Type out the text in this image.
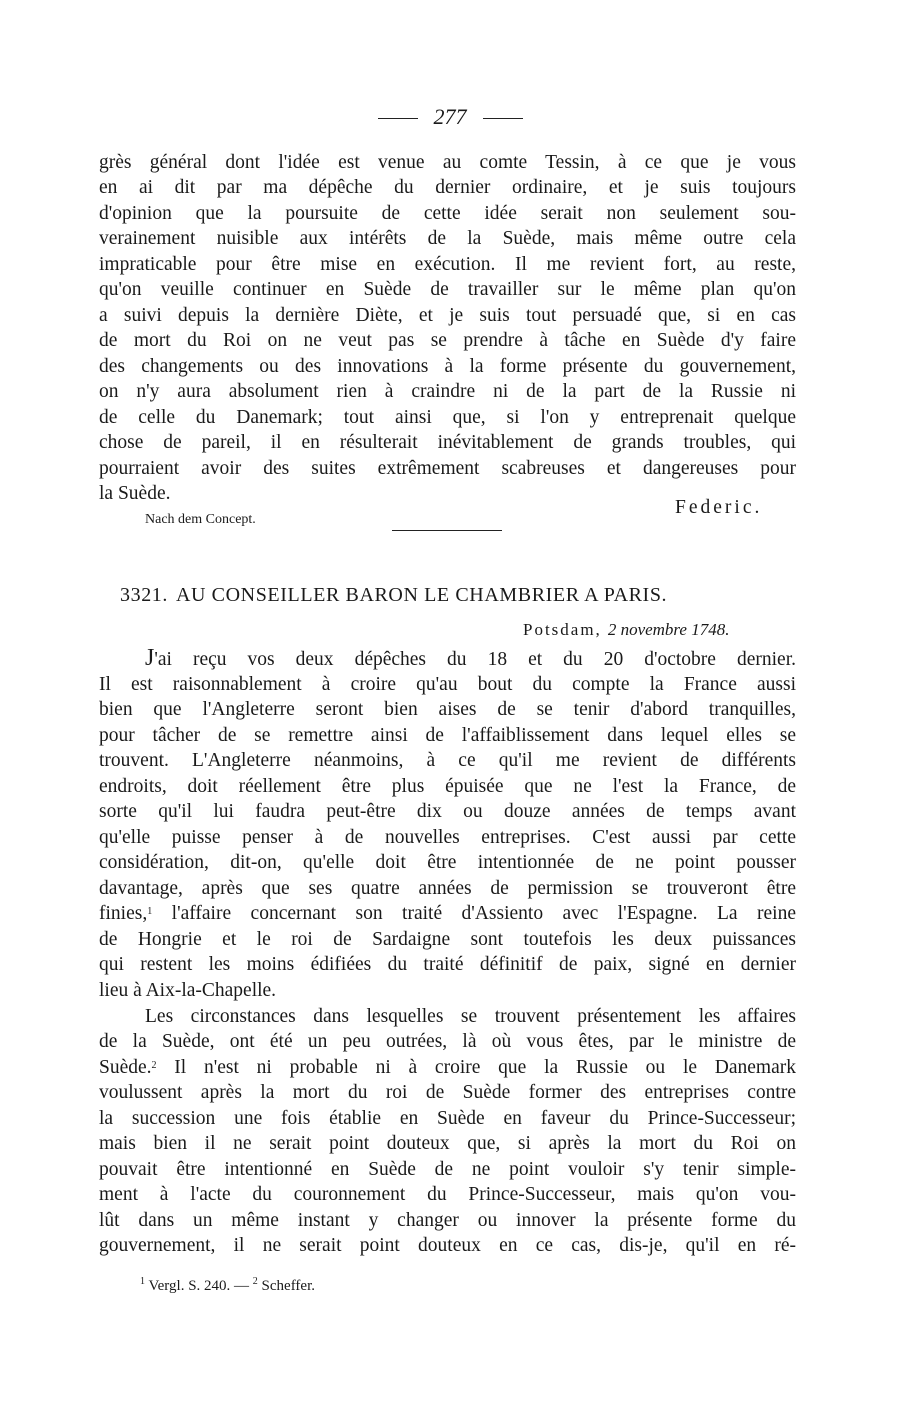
277
grès général dont l'idée est venue au comte Tessin, à ce que je vous
en ai dit par ma dépêche du dernier ordinaire, et je suis toujours
d'opinion que la poursuite de cette idée serait non seulement sou-
verainement nuisible aux intérêts de la Suède, mais même outre cela
impraticable pour être mise en exécution. Il me revient fort, au reste,
qu'on veuille continuer en Suède de travailler sur le même plan qu'on
a suivi depuis la dernière Diète, et je suis tout persuadé que, si en cas
de mort du Roi on ne veut pas se prendre à tâche en Suède d'y faire
des changements ou des innovations à la forme présente du gouvernement,
on n'y aura absolument rien à craindre ni de la part de la Russie ni
de celle du Danemark; tout ainsi que, si l'on y entreprenait quelque
chose de pareil, il en résulterait inévitablement de grands troubles, qui
pourraient avoir des suites extrêmement scabreuses et dangereuses pour
la Suède.
Federic.
Nach dem Concept.
3321. AU CONSEILLER BARON LE CHAMBRIER A PARIS.
Potsdam, 2 novembre 1748.
J'ai reçu vos deux dépêches du 18 et du 20 d'octobre dernier.
Il est raisonnablement à croire qu'au bout du compte la France aussi
bien que l'Angleterre seront bien aises de se tenir d'abord tranquilles,
pour tâcher de se remettre ainsi de l'affaiblissement dans lequel elles se
trouvent. L'Angleterre néanmoins, à ce qu'il me revient de différents
endroits, doit réellement être plus épuisée que ne l'est la France, de
sorte qu'il lui faudra peut-être dix ou douze années de temps avant
qu'elle puisse penser à de nouvelles entreprises. C'est aussi par cette
considération, dit-on, qu'elle doit être intentionnée de ne point pousser
davantage, après que ses quatre années de permission se trouveront être
finies,$^1$ l'affaire concernant son traité d'Assiento avec l'Espagne. La reine
de Hongrie et le roi de Sardaigne sont toutefois les deux puissances
qui restent les moins édifiées du traité définitif de paix, signé en dernier
lieu à Aix-la-Chapelle.
Les circonstances dans lesquelles se trouvent présentement les affaires
de la Suède, ont été un peu outrées, là où vous êtes, par le ministre de
Suède.$^2$ Il n'est ni probable ni à croire que la Russie ou le Danemark
voulussent après la mort du roi de Suède former des entreprises contre
la succession une fois établie en Suède en faveur du Prince-Successeur;
mais bien il ne serait point douteux que, si après la mort du Roi on
pouvait être intentionné en Suède de ne point vouloir s'y tenir simple-
ment à l'acte du couronnement du Prince-Successeur, mais qu'on vou-
lût dans un même instant y changer ou innover la présente forme du
gouvernement, il ne serait point douteux en ce cas, dis-je, qu'il en ré-
$^1$ Vergl. S. 240. — $^2$ Scheffer.
